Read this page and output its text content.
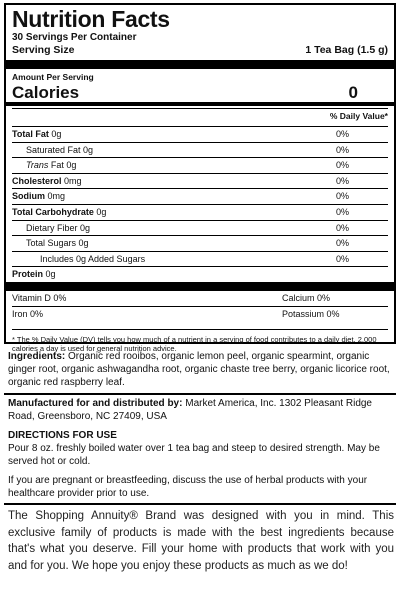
Nutrition Facts
30 Servings Per Container
Serving Size	1 Tea Bag (1.5 g)
Amount Per Serving
Calories	0
% Daily Value*
Total Fat 0g	0%
Saturated Fat 0g	0%
Trans Fat 0g	0%
Cholesterol 0mg	0%
Sodium 0mg	0%
Total Carbohydrate 0g	0%
Dietary Fiber 0g	0%
Total Sugars 0g	0%
Includes 0g Added Sugars	0%
Protein 0g
Vitamin D 0%	Calcium 0%
Iron 0%	Potassium 0%
* The % Daily Value (DV) tells you how much of a nutrient in a serving of food contributes to a daily diet. 2,000 calories a day is used for general nutrition advice.
Ingredients: Organic red rooibos, organic lemon peel, organic spearmint, organic ginger root, organic ashwagandha root, organic chaste tree berry, organic licorice root, organic red raspberry leaf.
Manufactured for and distributed by: Market America, Inc. 1302 Pleasant Ridge Road, Greensboro, NC 27409, USA
DIRECTIONS FOR USE
Pour 8 oz. freshly boiled water over 1 tea bag and steep to desired strength. May be served hot or cold.
If you are pregnant or breastfeeding, discuss the use of herbal products with your healthcare provider prior to use.
The Shopping Annuity® Brand was designed with you in mind. This exclusive family of products is made with the best ingredients because that's what you deserve. Fill your home with products that work with you and for you. We hope you enjoy these products as much as we do!
